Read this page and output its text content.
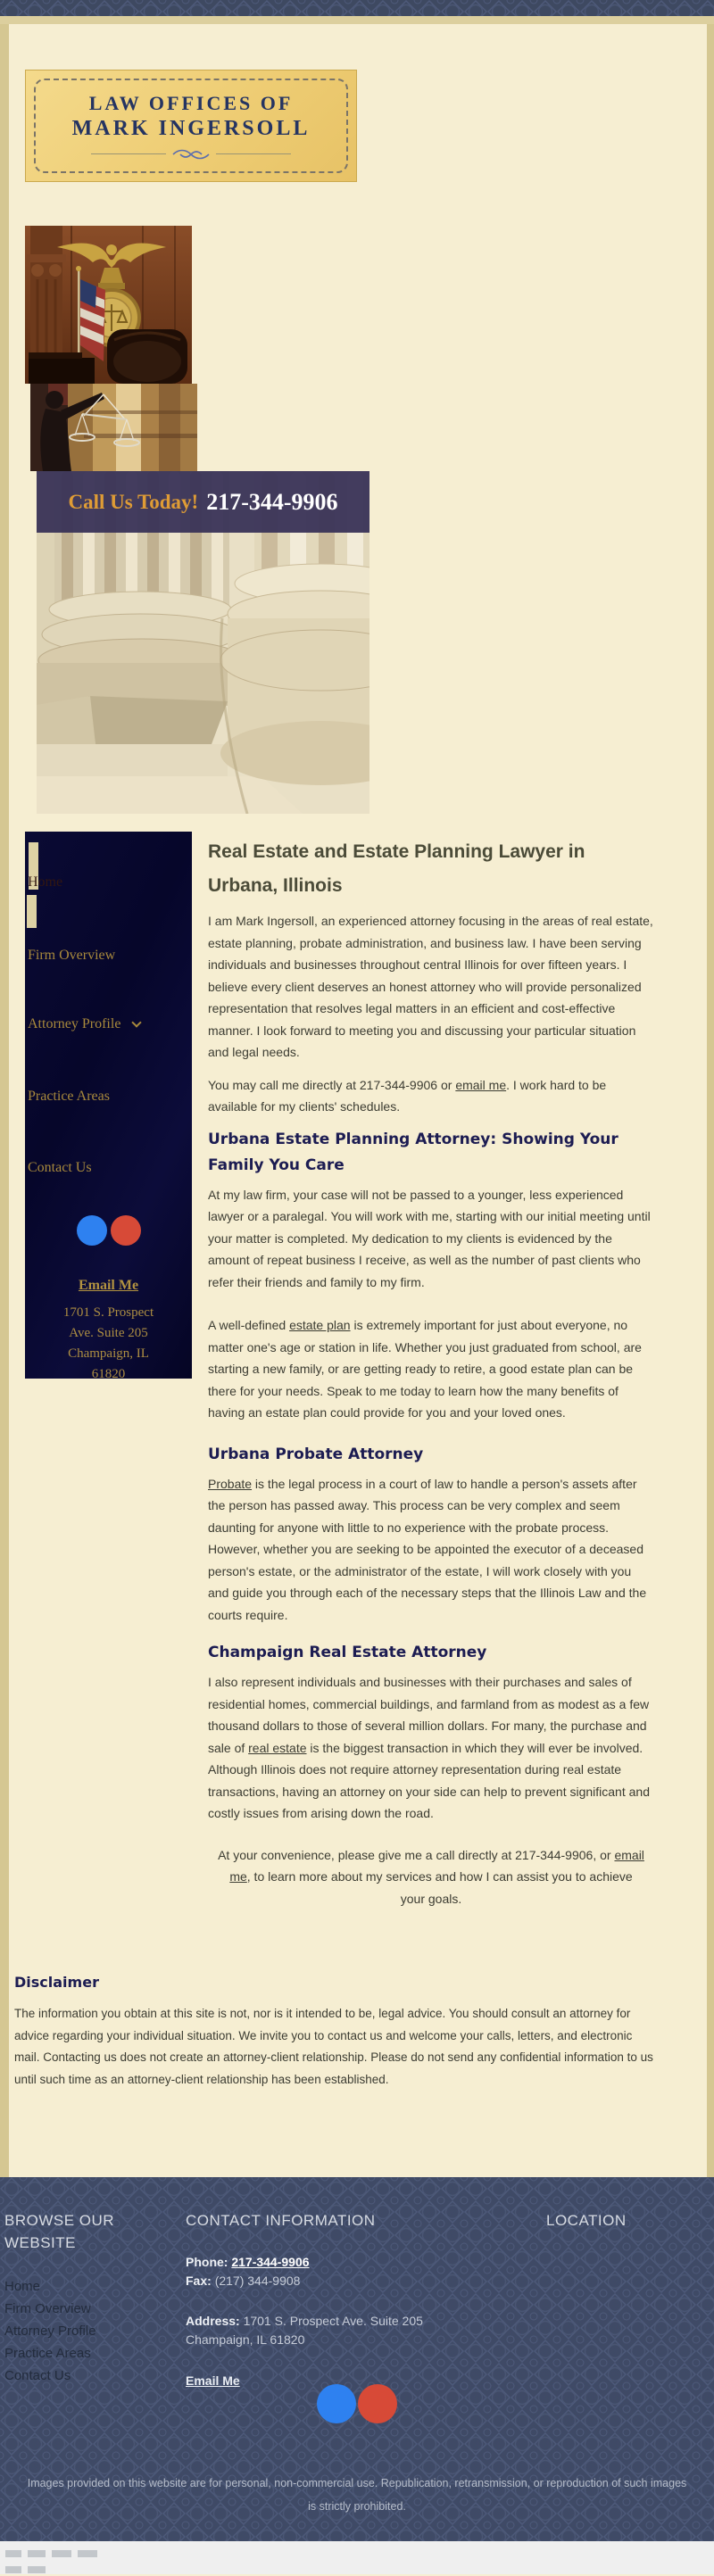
LAW OFFICES OF
MARK INGERSOLL
Call Us Today! 217-344-9906
Home
Firm Overview
Attorney Profile
Practice Areas
Contact Us
Email Me
1701 S. Prospect
Ave. Suite 205
Champaign, IL
61820
Real Estate and Estate Planning Lawyer in Urbana, Illinois

I am Mark Ingersoll, an experienced attorney focusing in the areas of real estate, estate planning, probate administration, and business law. I have been serving individuals and businesses throughout central Illinois for over fifteen years. I believe every client deserves an honest attorney who will provide personalized representation that resolves legal matters in an efficient and cost-effective manner. I look forward to meeting you and discussing your particular situation and legal needs.

You may call me directly at 217-344-9906 or email me. I work hard to be available for my clients' schedules.

Urbana Estate Planning Attorney: Showing Your Family You Care

At my law firm, your case will not be passed to a younger, less experienced lawyer or a paralegal. You will work with me, starting with our initial meeting until your matter is completed. My dedication to my clients is evidenced by the amount of repeat business I receive, as well as the number of past clients who refer their friends and family to my firm.

A well-defined estate plan is extremely important for just about everyone, no matter one's age or station in life. Whether you just graduated from school, are starting a new family, or are getting ready to retire, a good estate plan can be there for your needs. Speak to me today to learn how the many benefits of having an estate plan could provide for you and your loved ones.

Urbana Probate Attorney

Probate is the legal process in a court of law to handle a person's assets after the person has passed away. This process can be very complex and seem daunting for anyone with little to no experience with the probate process. However, whether you are seeking to be appointed the executor of a deceased person's estate, or the administrator of the estate, I will work closely with you and guide you through each of the necessary steps that the Illinois Law and the courts require.

Champaign Real Estate Attorney

I also represent individuals and businesses with their purchases and sales of residential homes, commercial buildings, and farmland from as modest as a few thousand dollars to those of several million dollars. For many, the purchase and sale of real estate is the biggest transaction in which they will ever be involved. Although Illinois does not require attorney representation during real estate transactions, having an attorney on your side can help to prevent significant and costly issues from arising down the road.

At your convenience, please give me a call directly at 217-344-9906, or email me, to learn more about my services and how I can assist you to achieve your goals.

Disclaimer

The information you obtain at this site is not, nor is it intended to be, legal advice. You should consult an attorney for advice regarding your individual situation. We invite you to contact us and welcome your calls, letters, and electronic mail. Contacting us does not create an attorney-client relationship. Please do not send any confidential information to us until such time as an attorney-client relationship has been established.

BROWSE OUR WEBSITE
Home
Firm Overview
Attorney Profile
Practice Areas
Contact Us
CONTACT INFORMATION

Phone: 217-344-9906

Fax: (217) 344-9908

Address: 1701 S. Prospect Ave. Suite 205 Champaign, IL 61820

Email Me
LOCATION
Images provided on this website are for personal, non-commercial use. Republication, retransmission, or reproduction of such images is strictly prohibited.
